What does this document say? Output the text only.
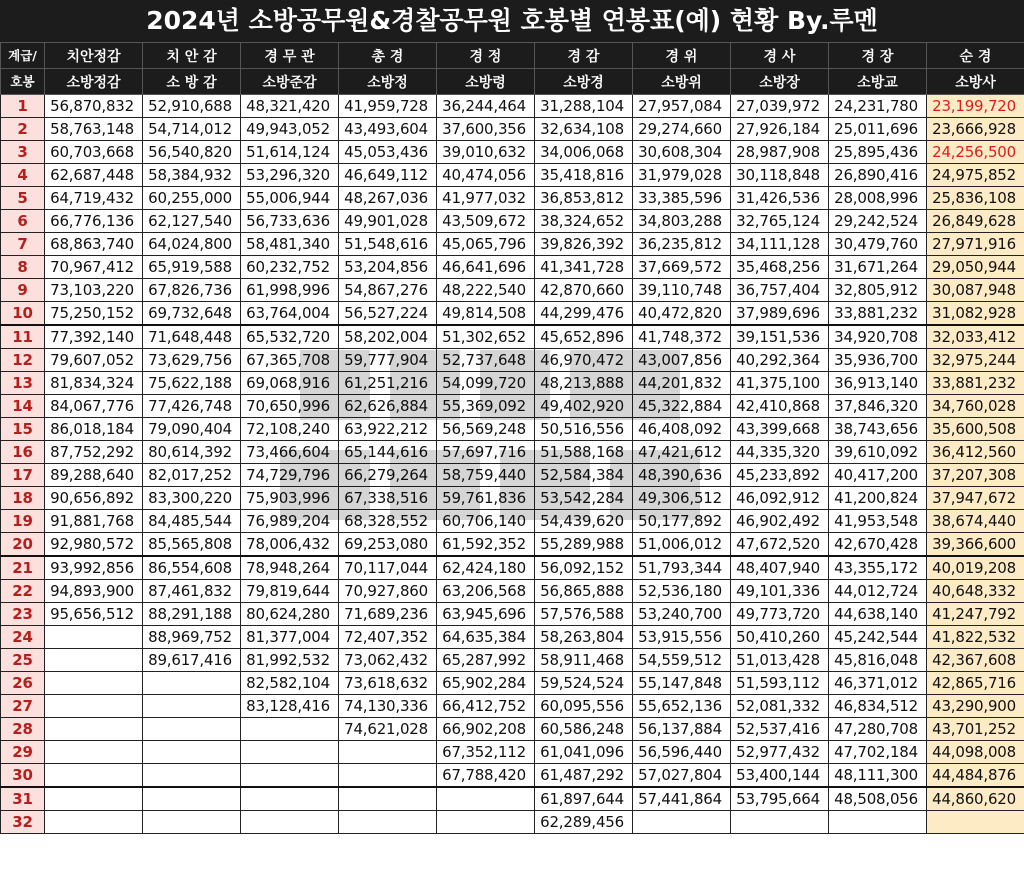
2024년 소방공무원&경찰공무원 호봉별 연봉표(예) 현황 By.루멘
계급/	치안정감	치 안 감	경 무 관	총 경	경 정	경 감	경 위	경 사	경 장	순 경
호봉	소방정감	소 방 감	소방준감	소방정	소방령	소방경	소방위	소방장	소방교	소방사
1	56,870,832	52,910,688	48,321,420	41,959,728	36,244,464	31,288,104	27,957,084	27,039,972	24,231,780	23,199,720
2	58,763,148	54,714,012	49,943,052	43,493,604	37,600,356	32,634,108	29,274,660	27,926,184	25,011,696	23,666,928
3	60,703,668	56,540,820	51,614,124	45,053,436	39,010,632	34,006,068	30,608,304	28,987,908	25,895,436	24,256,500
4	62,687,448	58,384,932	53,296,320	46,649,112	40,474,056	35,418,816	31,979,028	30,118,848	26,890,416	24,975,852
5	64,719,432	60,255,000	55,006,944	48,267,036	41,977,032	36,853,812	33,385,596	31,426,536	28,008,996	25,836,108
6	66,776,136	62,127,540	56,733,636	49,901,028	43,509,672	38,324,652	34,803,288	32,765,124	29,242,524	26,849,628
7	68,863,740	64,024,800	58,481,340	51,548,616	45,065,796	39,826,392	36,235,812	34,111,128	30,479,760	27,971,916
8	70,967,412	65,919,588	60,232,752	53,204,856	46,641,696	41,341,728	37,669,572	35,468,256	31,671,264	29,050,944
9	73,103,220	67,826,736	61,998,996	54,867,276	48,222,540	42,870,660	39,110,748	36,757,404	32,805,912	30,087,948
10	75,250,152	69,732,648	63,764,004	56,527,224	49,814,508	44,299,476	40,472,820	37,989,696	33,881,232	31,082,928
11	77,392,140	71,648,448	65,532,720	58,202,004	51,302,652	45,652,896	41,748,372	39,151,536	34,920,708	32,033,412
12	79,607,052	73,629,756	67,365,708	59,777,904	52,737,648	46,970,472	43,007,856	40,292,364	35,936,700	32,975,244
13	81,834,324	75,622,188	69,068,916	61,251,216	54,099,720	48,213,888	44,201,832	41,375,100	36,913,140	33,881,232
14	84,067,776	77,426,748	70,650,996	62,626,884	55,369,092	49,402,920	45,322,884	42,410,868	37,846,320	34,760,028
15	86,018,184	79,090,404	72,108,240	63,922,212	56,569,248	50,516,556	46,408,092	43,399,668	38,743,656	35,600,508
16	87,752,292	80,614,392	73,466,604	65,144,616	57,697,716	51,588,168	47,421,612	44,335,320	39,610,092	36,412,560
17	89,288,640	82,017,252	74,729,796	66,279,264	58,759,440	52,584,384	48,390,636	45,233,892	40,417,200	37,207,308
18	90,656,892	83,300,220	75,903,996	67,338,516	59,761,836	53,542,284	49,306,512	46,092,912	41,200,824	37,947,672
19	91,881,768	84,485,544	76,989,204	68,328,552	60,706,140	54,439,620	50,177,892	46,902,492	41,953,548	38,674,440
20	92,980,572	85,565,808	78,006,432	69,253,080	61,592,352	55,289,988	51,006,012	47,672,520	42,670,428	39,366,600
21	93,992,856	86,554,608	78,948,264	70,117,044	62,424,180	56,092,152	51,793,344	48,407,940	43,355,172	40,019,208
22	94,893,900	87,461,832	79,819,644	70,927,860	63,206,568	56,865,888	52,536,180	49,101,336	44,012,724	40,648,332
23	95,656,512	88,291,188	80,624,280	71,689,236	63,945,696	57,576,588	53,240,700	49,773,720	44,638,140	41,247,792
24		88,969,752	81,377,004	72,407,352	64,635,384	58,263,804	53,915,556	50,410,260	45,242,544	41,822,532
25		89,617,416	81,992,532	73,062,432	65,287,992	58,911,468	54,559,512	51,013,428	45,816,048	42,367,608
26			82,582,104	73,618,632	65,902,284	59,524,524	55,147,848	51,593,112	46,371,012	42,865,716
27			83,128,416	74,130,336	66,412,752	60,095,556	55,652,136	52,081,332	46,834,512	43,290,900
28				74,621,028	66,902,208	60,586,248	56,137,884	52,537,416	47,280,708	43,701,252
29					67,352,112	61,041,096	56,596,440	52,977,432	47,702,184	44,098,008
30					67,788,420	61,487,292	57,027,804	53,400,144	48,111,300	44,484,876
31						61,897,644	57,441,864	53,795,664	48,508,056	44,860,620
32						62,289,456				
